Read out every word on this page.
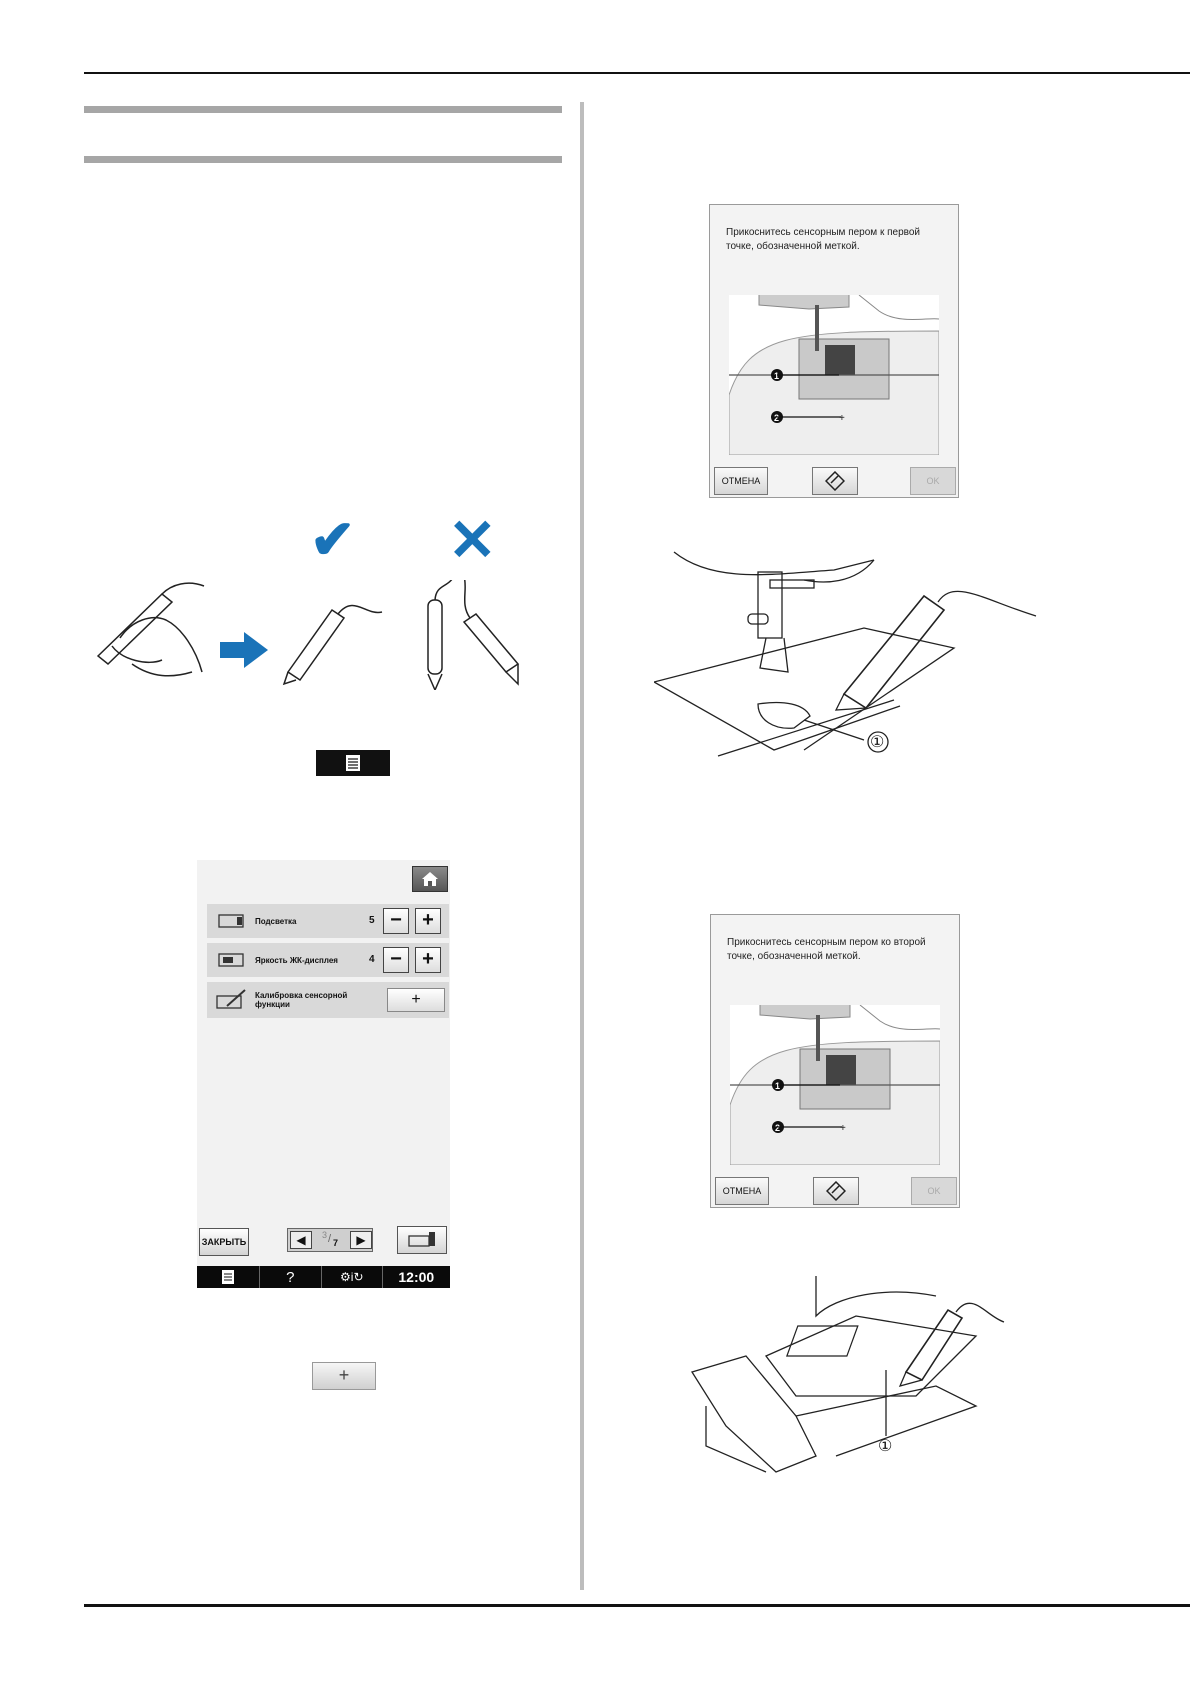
✔ ✕
Подсветка	5 −	+
Яркость ЖК-дисплея	4 −	+
Калибровка сенсорной функции	+
ЗАКРЫТЬ	◀	3 / 7	▶
?	⚙i↻	12:00
+
Прикоснитесь сенсорным пером к первой точке, обозначенной меткой.
1
2	+
ОТМЕНА	OK
①
Прикоснитесь сенсорным пером ко второй точке, обозначенной меткой.
1
2	+
ОТМЕНА	OK
①
